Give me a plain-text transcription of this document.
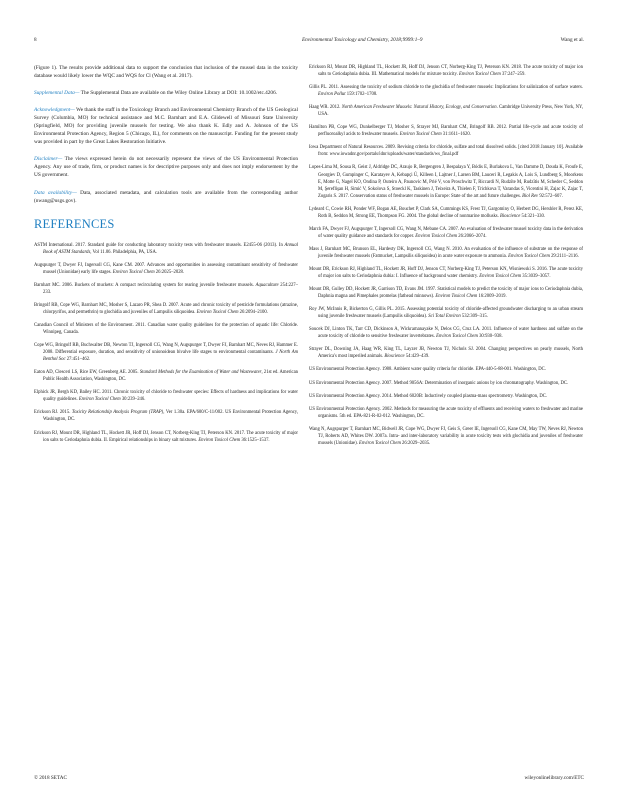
8	Environmental Toxicology and Chemistry, 2018;9999:1–9	Wang et al.

(Figure 1). The results provide additional data to support the conclusion that inclusion of the mussel data in the toxicity database would likely lower the WQC and WQS for Cl (Wang et al. 2017).

Supplemental Data— The Supplemental Data are available on the Wiley Online Library at DOI: 10.1002/etc.4206.

Acknowledgment— We thank the staff in the Toxicology Branch and Environmental Chemistry Branch of the US Geological Survey (Columbia, MO) for technical assistance and M.C. Barnhart and E.A. Glidewell of Missouri State University (Springfield, MO) for providing juvenile mussels for testing. We also thank K. Edly and A. Johnson of the US Environmental Protection Agency, Region 5 (Chicago, IL), for comments on the manuscript. Funding for the present study was provided in part by the Great Lakes Restoration Initiative.

Disclaimer— The views expressed herein do not necessarily represent the views of the US Environmental Protection Agency. Any use of trade, firm, or product names is for descriptive purposes only and does not imply endorsement by the US government.

Data availability— Data, associated metadata, and calculation tools are available from the corresponding author (nwang@usgs.gov).

REFERENCES
ASTM International. 2017. Standard guide for conducting laboratory toxicity tests with freshwater mussels. E2455-06 (2013). In Annual Book of ASTM Standards, Vol 11.06. Philadelphia, PA, USA.
Augspurger T, Dwyer FJ, Ingersoll CG, Kane CM. 2007. Advances and opportunities in assessing contaminant sensitivity of freshwater mussel (Unionidae) early life stages. Environ Toxicol Chem 26:2025–2028.
Barnhart MC. 2006. Buckets of muckets: A compact recirculating system for rearing juvenile freshwater mussels. Aquaculture 254:227–233.
Bringolf RB, Cope WG, Barnhart MC, Mosher S, Lazaro PR, Shea D. 2007. Acute and chronic toxicity of pesticide formulations (atrazine, chlorpyrifos, and permethrin) to glochidia and juveniles of Lampsilis siliquoidea. Environ Toxicol Chem 26:2094–2100.
Canadian Council of Ministers of the Environment. 2011. Canadian water quality guidelines for the protection of aquatic life: Chloride. Winnipeg, Canada.
Cope WG, Bringolf RB, Buchwalter DB, Newton TJ, Ingersoll CG, Wang N, Augspurger T, Dwyer FJ, Barnhart MC, Neves RJ, Hammer E. 2008. Differential exposure, duration, and sensitivity of unionoidean bivalve life stages to environmental contaminants. J North Am Benthol Soc 27:451–462.
Eaton AD, Clesceri LS, Rice EW, Greenberg AE. 2005. Standard Methods for the Examination of Water and Wastewater, 21st ed. American Public Health Association, Washington, DC.
Elphick JR, Bergh KD, Bailey HC. 2011. Chronic toxicity of chloride to freshwater species: Effects of hardness and implications for water quality guidelines. Environ Toxicol Chem 30:239–246.
Erickson RJ. 2015. Toxicity Relationship Analysis Program (TRAP), Ver 1.30a. EPA/600/C-11/002. US Environmental Protection Agency, Washington, DC.
Erickson RJ, Mount DR, Highland TL, Hockett JR, Hoff DJ, Jenson CT, Norberg-King TJ, Peterson KN. 2017. The acute toxicity of major ion salts to Ceriodaphnia dubia. II. Empirical relationships in binary salt mixtures. Environ Toxicol Chem 36:1525–1537.
Erickson RJ, Mount DR, Highland TL, Hockett JR, Hoff DJ, Jenson CT, Norberg-King TJ, Peterson KN. 2018. The acute toxicity of major ion salts to Ceriodaphnia dubia. III. Mathematical models for mixture toxicity. Environ Toxicol Chem 37:247–259.
Gillis PL. 2011. Assessing the toxicity of sodium chloride to the glochidia of freshwater mussels: Implications for salinization of surface waters. Environ Pollut 159:1702–1708.
Haag WR. 2012. North American Freshwater Mussels: Natural History, Ecology, and Conservation. Cambridge University Press, New York, NY, USA.
Hamilton PB, Cope WG, Dunkelberger TJ, Mosher S, Strayer MJ, Barnhart CM, Bringolf RB. 2012. Partial life-cycle and acute toxicity of perfluoroalkyl acids to freshwater mussels. Environ Toxicol Chem 31:1611–1620.
Iowa Department of Natural Resources. 2009. Revising criteria for chloride, sulfate and total dissolved solids. [cited 2018 January 10]. Available from: www.iowadnr.gov/portals/idnr/uploads/water/standards/ws_final.pdf
Lopes-Lima M, Sousa R, Geist J, Aldridge DC, Araujo R, Bergengren J, Bespalaya Y, Bódis E, Burlakova L, Van Damme D, Douda K, Froufe E, Georgiev D, Gumpinger C, Karatayev A, Kebapçi Ü, Killeen I, Lajtner J, Larsen BM, Lauceri R, Legakis A, Lois S, Lundberg S, Moorkens E, Motte G, Nagel KO, Ondina P, Outeiro A, Paunovic M, Prié V, von Proschwitz T, Riccardi N, Rudzīte M, Rudzītis M, Scheder C, Seddon M, Şereflişan H, Simić V, Sokolova S, Stoeckl K, Taskinen J, Teixeira A, Thielen F, Trichkova T, Varandas S, Vicentini H, Zajac K, Zajac T, Zogaris S. 2017. Conservation status of freshwater mussels in Europe: State of the art and future challenges. Biol Rev 92:572–607.
Lydeard C, Cowie RH, Ponder WF, Bogan AE, Bouchet P, Clark SA, Cummings KS, Frest TJ, Gargominy O, Herbert DG, Hershler R, Perez KE, Roth B, Seddon M, Strong EE, Thompson FG. 2004. The global decline of nonmarine mollusks. Bioscience 54:321–330.
March FA, Dwyer FJ, Augspurger T, Ingersoll CG, Wang N, Mebane CA. 2007. An evaluation of freshwater mussel toxicity data in the derivation of water quality guidance and standards for copper. Environ Toxicol Chem 26:2066–2074.
Mass J, Barnhart MC, Brunson EL, Hardesty DK, Ingersoll CG, Wang N. 2010. An evaluation of the influence of substrate on the response of juvenile freshwater mussels (Fatmucket, Lampsilis siliquoidea) in acute water exposure to ammonia. Environ Toxicol Chem 29:2111–2116.
Mount DR, Erickson RJ, Highland TL, Hockett JR, Hoff DJ, Jenson CT, Norberg-King TJ, Peterson KN, Wisniewski S. 2016. The acute toxicity of major ion salts to Ceriodaphnia dubia: I. Influence of background water chemistry. Environ Toxicol Chem 35:3039–3057.
Mount DR, Gulley DD, Hockett JR, Garrison TD, Evans JM. 1997. Statistical models to predict the toxicity of major ions to Ceriodaphnia dubia, Daphnia magna and Pimephales promelas (fathead minnows). Environ Toxicol Chem 16:2009–2019.
Roy JW, McInnis R, Bickerton G, Gillis PL. 2015. Assessing potential toxicity of chloride-affected groundwater discharging to an urban stream using juvenile freshwater mussels (Lampsilis siliquoidea). Sci Total Environ 532:309–315.
Soucek DJ, Linton TK, Tarr CD, Dickinson A, Wickramanayake N, Delos CG, Cruz LA. 2011. Influence of water hardness and sulfate on the acute toxicity of chloride to sensitive freshwater invertebrates. Environ Toxicol Chem 30:930–938.
Strayer DL, Downing JA, Haag WR, King TL, Layzer JB, Newton TJ, Nichols SJ. 2004. Changing perspectives on pearly mussels, North America's most imperiled animals. Bioscience 54:429–439.
US Environmental Protection Agency. 1988. Ambient water quality criteria for chloride. EPA-440-5-88-001. Washington, DC.
US Environmental Protection Agency. 2007. Method 9056A: Determination of inorganic anions by ion chromatography. Washington, DC.
US Environmental Protection Agency. 2014. Method 6020B: Inductively coupled plasma-mass spectrometry. Washington, DC.
US Environmental Protection Agency. 2002. Methods for measuring the acute toxicity of effluents and receiving waters to freshwater and marine organisms. 5th ed. EPA-821-R-02-012. Washington, DC.
Wang N, Augspurger T, Barnhart MC, Bidwell JR, Cope WG, Dwyer FJ, Geis S, Greer IE, Ingersoll CG, Kane CM, May TW, Neves RJ, Newton TJ, Roberts AD, Whites DW. 2007a. Intra- and inter-laboratory variability in acute toxicity tests with glochidia and juveniles of freshwater mussels (Unionidae). Environ Toxicol Chem 26:2029–2035.
© 2018 SETAC	wileyonlinelibrary.com/ETC
